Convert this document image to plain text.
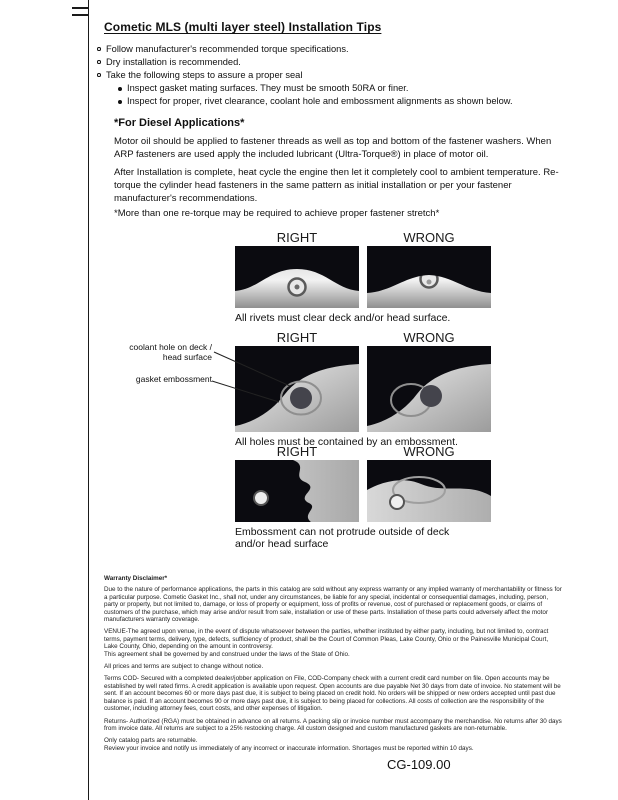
Cometic MLS (multi layer steel) Installation Tips
Follow manufacturer's recommended torque specifications.
Dry installation is recommended.
Take the following steps to assure a proper seal
Inspect gasket mating surfaces. They must be smooth 50RA or finer.
Inspect for proper, rivet clearance, coolant hole and embossment alignments as shown below.
*For Diesel Applications*

Motor oil should be applied to fastener threads as well as top and bottom of the fastener washers. When ARP fasteners are used apply the included lubricant (Ultra-Torque®) in place of motor oil.

After Installation is complete, heat cycle the engine then let it completely cool to ambient temperature. Re-torque the cylinder head fasteners in the same pattern as initial installation or per your fastener manufacturer's recommendations.

*More than one re-torque may be required to achieve proper fastener stretch*

RIGHT	WRONG
All rivets must clear deck and/or head surface.
RIGHT	WRONG
All holes must be contained by an embossment.
coolant hole on deck / head surface
gasket embossment
RIGHT	WRONG
Embossment can not protrude outside of deck and/or head surface

Warranty Disclaimer*

Due to the nature of performance applications, the parts in this catalog are sold without any express warranty or any implied warranty of merchantability or fitness for a particular purpose. Cometic Gasket Inc., shall not, under any circumstances, be liable for any special, incidental or consequential damages, including, person, party or property, but not limited to, damage, or loss of property or equipment, loss of profits or revenue, cost of purchased or replacement goods, or claims of customers of the purchase, which may arise and/or result from sale, installation or use of these parts. Installation of these parts could adversely affect the motor manufacturers warranty coverage.

VENUE-The agreed upon venue, in the event of dispute whatsoever between the parties, whether instituted by either party, including, but not limited to, contract terms, payment terms, delivery, type, defects, sufficiency of product, shall be the Court of Common Pleas, Lake County, Ohio or the Painesville Municipal Court, Lake County, Ohio, depending on the amount in controversy.

This agreement shall be governed by and construed under the laws of the State of Ohio.

All prices and terms are subject to change without notice.

Terms COD- Secured with a completed dealer/jobber application on File, COD-Company check with a current credit card number on file. Open accounts may be established by well rated firms. A credit application is available upon request. Open accounts are due payable Net 30 days from date of invoice. No statement will be sent. If an account becomes 60 or more days past due, it is subject to being placed on credit hold. No orders will be shipped or new orders accepted until past due balance is paid. If an account becomes 90 or more days past due, it is subject to being placed for collections. All costs of collection are the responsibility of the customer, including attorney fees, court costs, and other expenses of litigation.

Returns- Authorized (RGA) must be obtained in advance on all returns. A packing slip or invoice number must accompany the merchandise. No returns after 30 days from invoice date. All returns are subject to a 25% restocking charge. All custom designed and custom manufactured gaskets are non-returnable.

Only catalog parts are returnable.

Review your invoice and notify us immediately of any incorrect or inaccurate information. Shortages must be reported within 10 days.

CG-109.00
